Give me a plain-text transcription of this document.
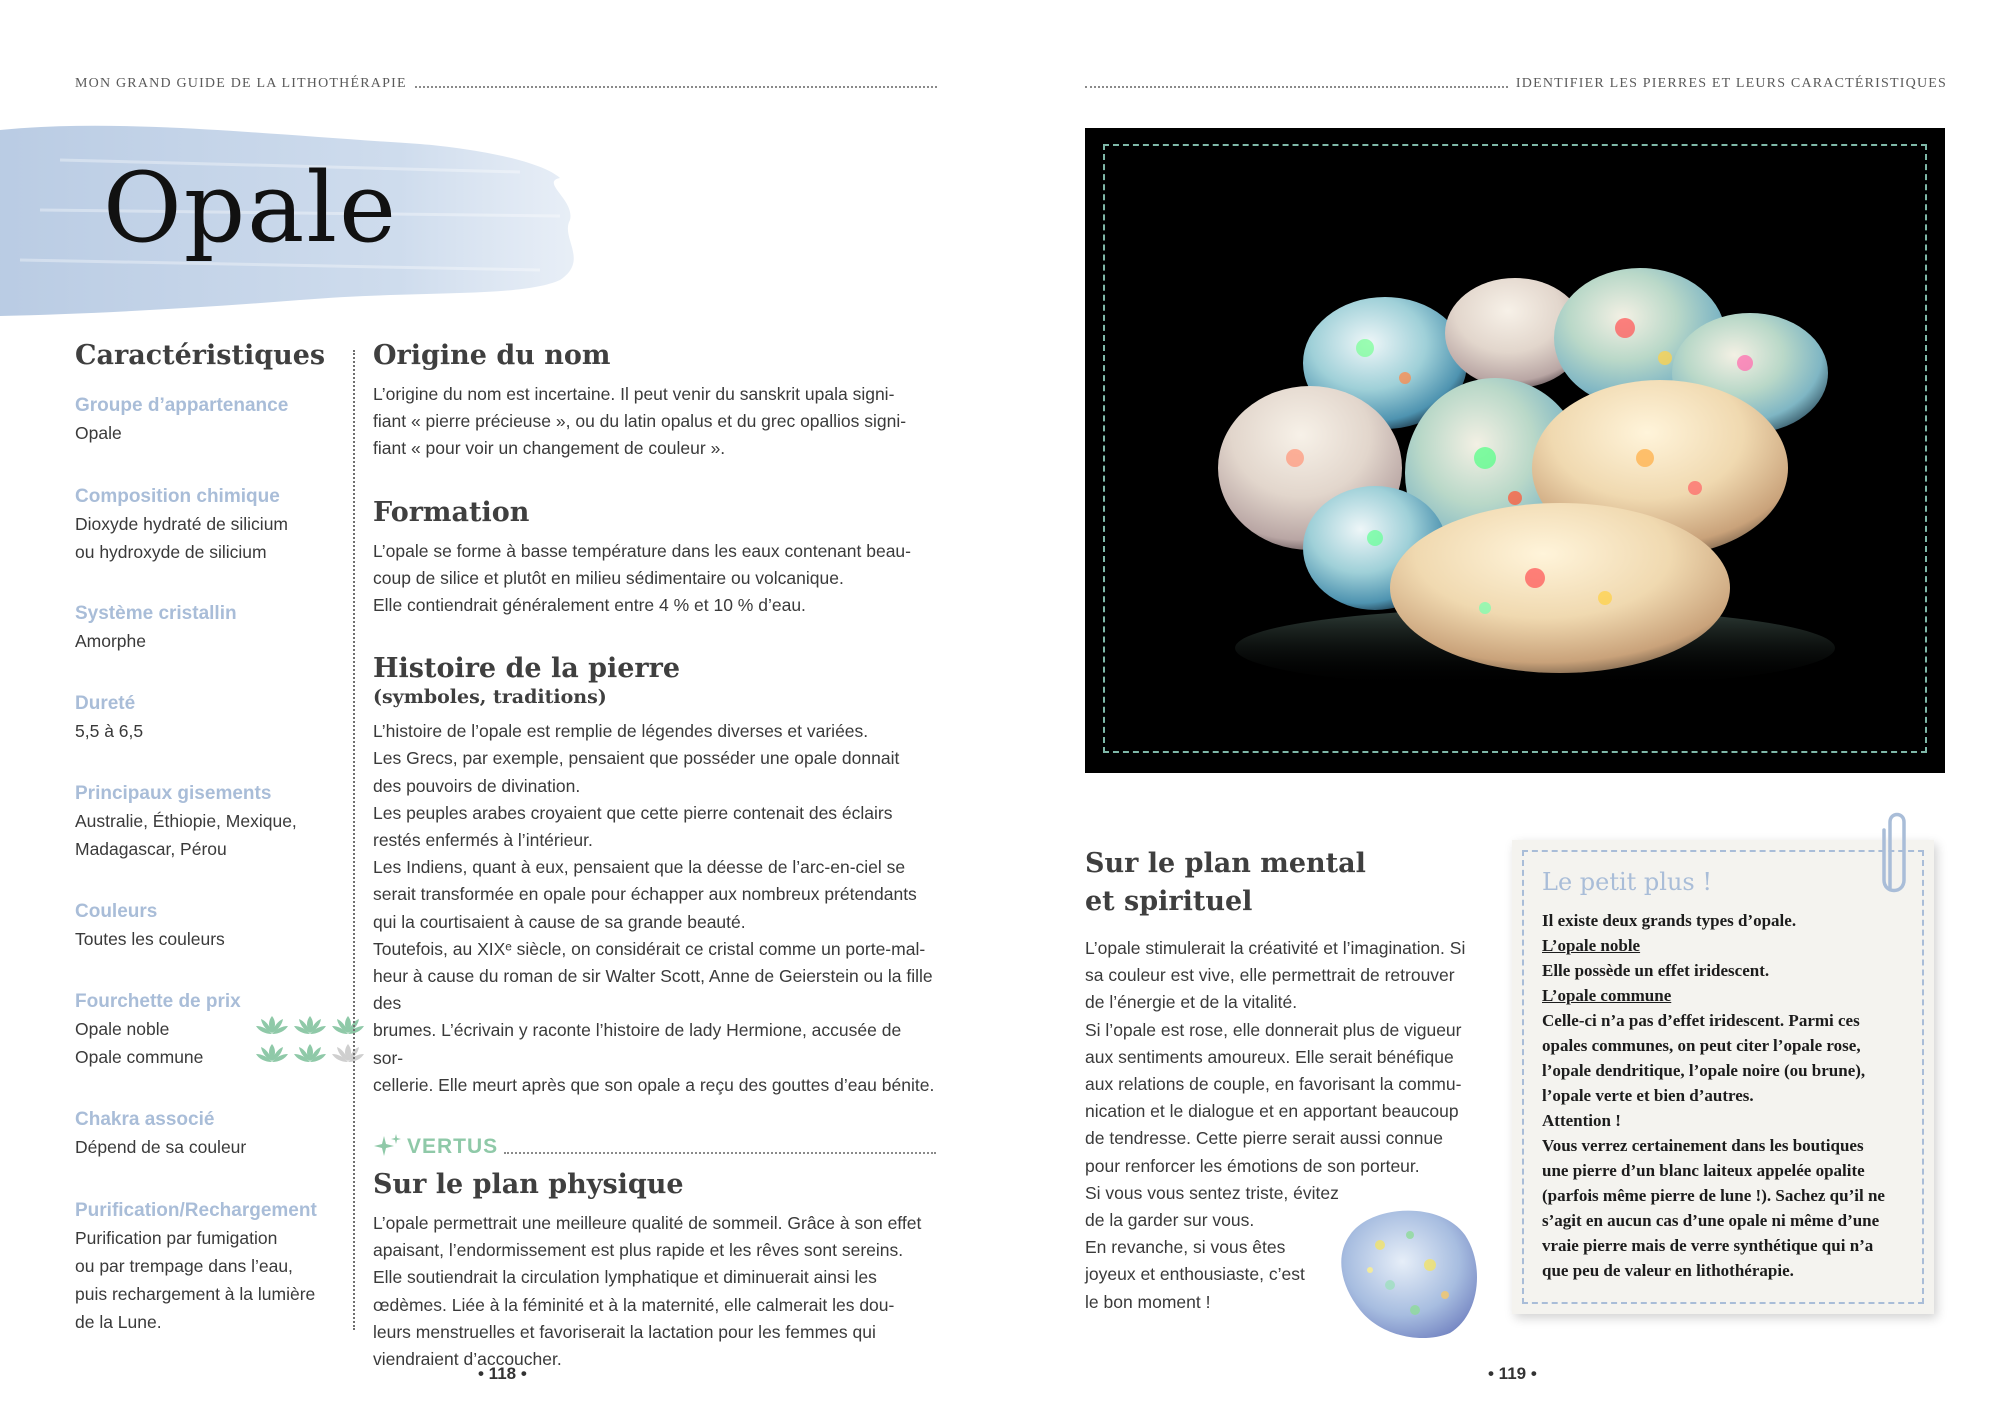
MON GRAND GUIDE DE LA LITHOTHÉRAPIE
Opale
Caractéristiques

Groupe d’appartenance

Opale

Composition chimique

Dioxyde hydraté de silicium
ou hydroxyde de silicium

Système cristallin

Amorphe

Dureté

5,5 à 6,5

Principaux gisements

Australie, Éthiopie, Mexique,
Madagascar, Pérou

Couleurs

Toutes les couleurs

Fourchette de prix

Opale noble
Opale commune

Chakra associé

Dépend de sa couleur

Purification/Rechargement

Purification par fumigation
ou par trempage dans l’eau,
puis rechargement à la lumière
de la Lune.

Origine du nom

L’origine du nom est incertaine. Il peut venir du sanskrit upala signi-

fiant « pierre précieuse », ou du latin opalus et du grec opallios signi-

fiant « pour voir un changement de couleur ».

Formation

L’opale se forme à basse température dans les eaux contenant beau-

coup de silice et plutôt en milieu sédimentaire ou volcanique.

Elle contiendrait généralement entre 4 % et 10 % d’eau.

Histoire de la pierre

(symboles, traditions)

L’histoire de l’opale est remplie de légendes diverses et variées.

Les Grecs, par exemple, pensaient que posséder une opale donnait

des pouvoirs de divination.

Les peuples arabes croyaient que cette pierre contenait des éclairs

restés enfermés à l’intérieur.

Les Indiens, quant à eux, pensaient que la déesse de l’arc-en-ciel se

serait transformée en opale pour échapper aux nombreux prétendants

qui la courtisaient à cause de sa grande beauté.

Toutefois, au XIXᵉ siècle, on considérait ce cristal comme un porte-mal-

heur à cause du roman de sir Walter Scott, Anne de Geierstein ou la fille des

brumes. L’écrivain y raconte l’histoire de lady Hermione, accusée de sor-

cellerie. Elle meurt après que son opale a reçu des gouttes d’eau bénite.

VERTUS
Sur le plan physique

L’opale permettrait une meilleure qualité de sommeil. Grâce à son effet

apaisant, l’endormissement est plus rapide et les rêves sont sereins.

Elle soutiendrait la circulation lymphatique et diminuerait ainsi les

œdèmes. Liée à la féminité et à la maternité, elle calmerait les dou-

leurs menstruelles et favoriserait la lactation pour les femmes qui

viendraient d’accoucher.

• 118 •
IDENTIFIER LES PIERRES ET LEURS CARACTÉRISTIQUES
Sur le plan mental
et spirituel

L’opale stimulerait la créativité et l’imagination. Si

sa couleur est vive, elle permettrait de retrouver

de l’énergie et de la vitalité.

Si l’opale est rose, elle donnerait plus de vigueur

aux sentiments amoureux. Elle serait bénéfique

aux relations de couple, en favorisant la commu-

nication et le dialogue et en apportant beaucoup

de tendresse. Cette pierre serait aussi connue

pour renforcer les émotions de son porteur.

Si vous vous sentez triste, évitez

de la garder sur vous.

En revanche, si vous êtes

joyeux et enthousiaste, c’est

le bon moment !

Le petit plus !

Il existe deux grands types d’opale.

L’opale noble

Elle possède un effet iridescent.

L’opale commune

Celle-ci n’a pas d’effet iridescent. Parmi ces

opales communes, on peut citer l’opale rose,

l’opale dendritique, l’opale noire (ou brune),

l’opale verte et bien d’autres.

Attention !

Vous verrez certainement dans les boutiques

une pierre d’un blanc laiteux appelée opalite

(parfois même pierre de lune !). Sachez qu’il ne

s’agit en aucun cas d’une opale ni même d’une

vraie pierre mais de verre synthétique qui n’a

que peu de valeur en lithothérapie.

• 119 •
